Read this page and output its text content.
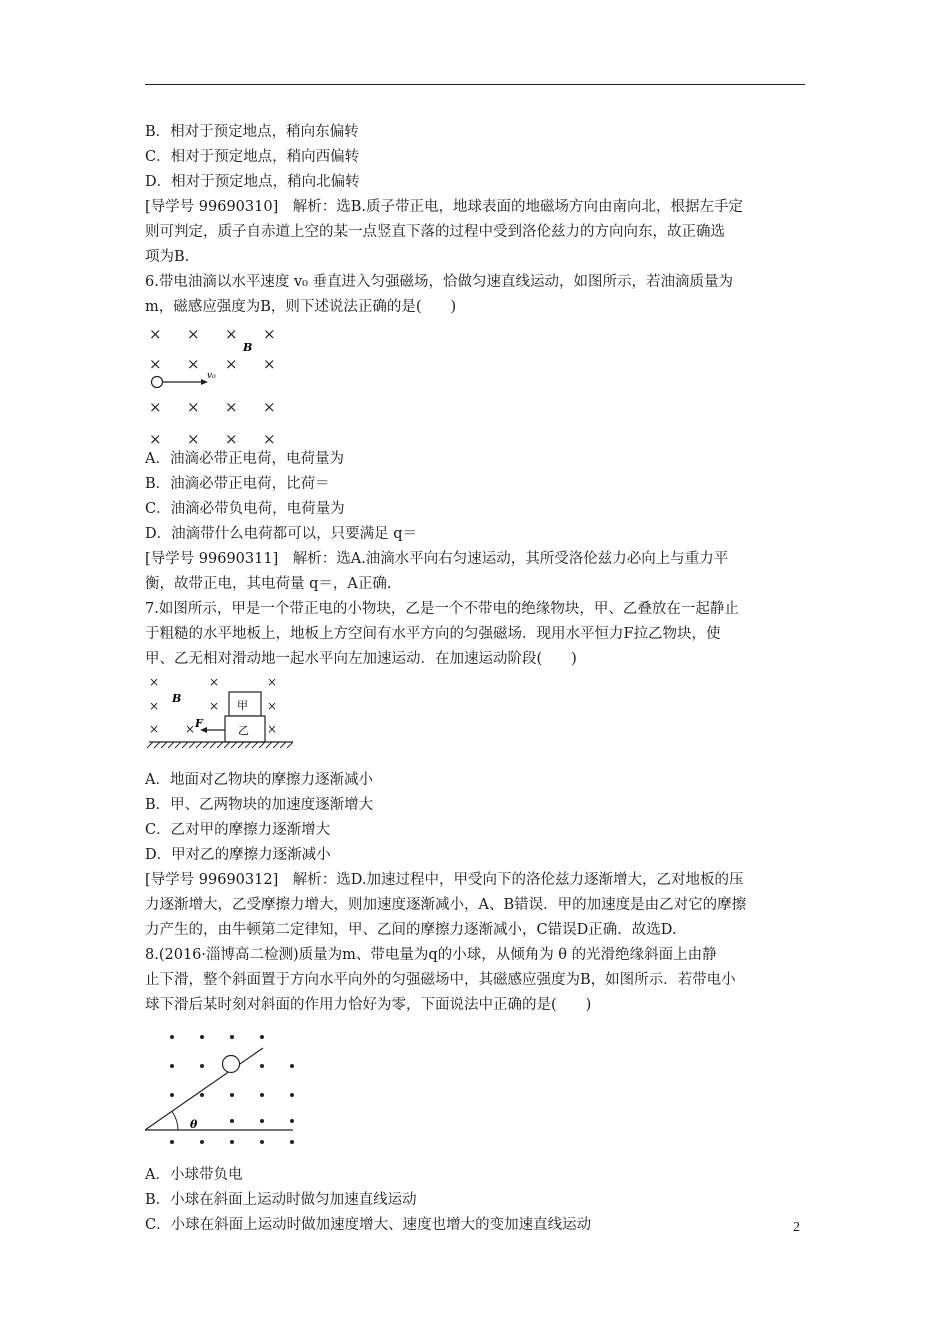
B．相对于预定地点，稍向东偏转
C．相对于预定地点，稍向西偏转
D．相对于预定地点，稍向北偏转
[导学号 99690310]　解析：选B.质子带正电，地球表面的地磁场方向由南向北，根据左手定
则可判定，质子自赤道上空的某一点竖直下落的过程中受到洛伦兹力的方向向东，故正确选
项为B.
6.带电油滴以水平速度 v₀ 垂直进入匀强磁场，恰做匀速直线运动，如图所示，若油滴质量为
m，磁感应强度为B，则下述说法正确的是(　　)
× × × ×
× × × ×
× × × ×
× × × ×
B
v₀
A．油滴必带正电荷，电荷量为
B．油滴必带正电荷，比荷＝
C．油滴必带负电荷，电荷量为
D．油滴带什么电荷都可以，只要满足 q＝
[导学号 99690311]　解析：选A.油滴水平向右匀速运动，其所受洛伦兹力必向上与重力平
衡，故带正电，其电荷量 q＝，A正确.
7.如图所示，甲是一个带正电的小物块，乙是一个不带电的绝缘物块，甲、乙叠放在一起静止
于粗糙的水平地板上，地板上方空间有水平方向的匀强磁场．现用水平恒力F拉乙物块，使
甲、乙无相对滑动地一起水平向左加速运动．在加速运动阶段(　　)
×	×	×
×	×	×
× ×	×
B
甲
乙
F
A．地面对乙物块的摩擦力逐渐减小
B．甲、乙两物块的加速度逐渐增大
C．乙对甲的摩擦力逐渐增大
D．甲对乙的摩擦力逐渐减小
[导学号 99690312]　解析：选D.加速过程中，甲受向下的洛伦兹力逐渐增大，乙对地板的压
力逐渐增大，乙受摩擦力增大，则加速度逐渐减小，A、B错误．甲的加速度是由乙对它的摩擦
力产生的，由牛顿第二定律知，甲、乙间的摩擦力逐渐减小，C错误D正确．故选D.
8.(2016·淄博高二检测)质量为m、带电量为q的小球，从倾角为 θ 的光滑绝缘斜面上由静
止下滑，整个斜面置于方向水平向外的匀强磁场中，其磁感应强度为B，如图所示．若带电小
球下滑后某时刻对斜面的作用力恰好为零，下面说法中正确的是(　　)
θ
A．小球带负电
B．小球在斜面上运动时做匀加速直线运动
C．小球在斜面上运动时做加速度增大、速度也增大的变加速直线运动	2
